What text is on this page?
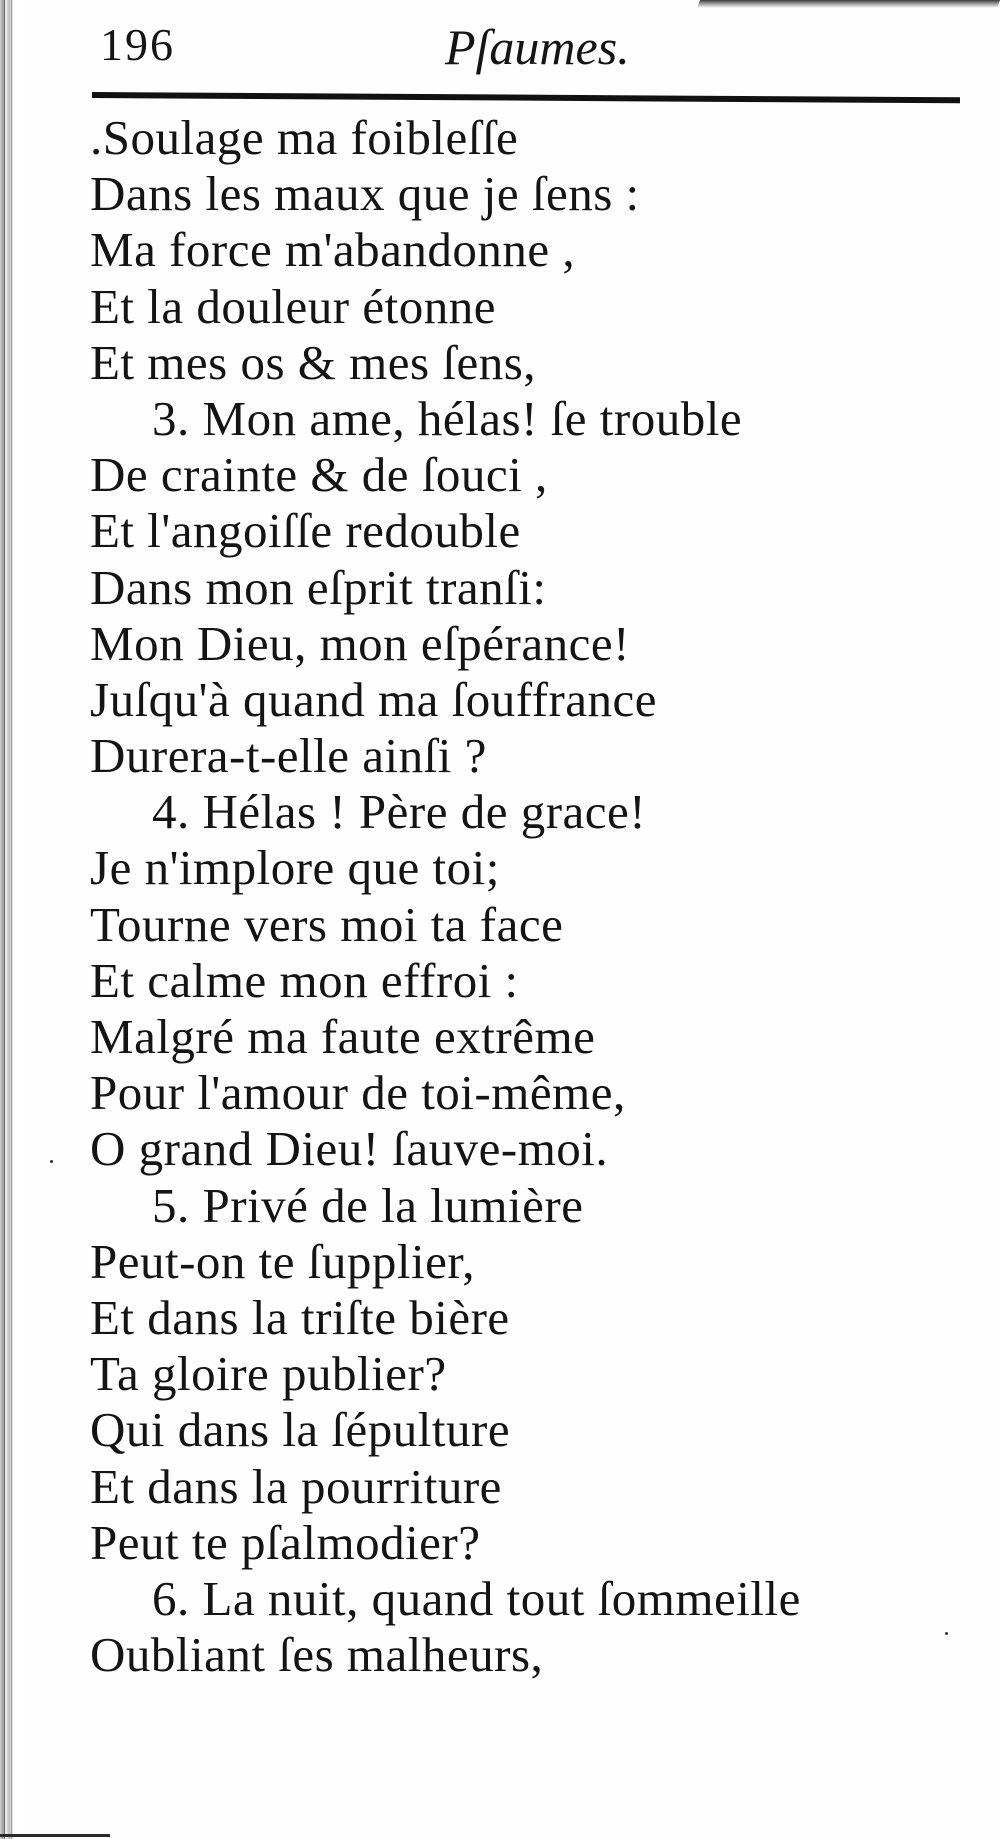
196	Pſaumes.
.Soulage ma foibleſſe
Dans les maux que je ſens :
Ma force m'abandonne ,
Et la douleur étonne
Et mes os & mes ſens,
3. Mon ame, hélas! ſe trouble
De crainte & de ſouci ,
Et l'angoiſſe redouble
Dans mon eſprit tranſi:
Mon Dieu, mon eſpérance!
Juſqu'à quand ma ſouffrance
Durera-t-elle ainſi ?
4. Hélas ! Père de grace!
Je n'implore que toi;
Tourne vers moi ta face
Et calme mon effroi :
Malgré ma faute extrême
Pour l'amour de toi-même,
O grand Dieu! ſauve-moi.
5. Privé de la lumière
Peut-on te ſupplier,
Et dans la triſte bière
Ta gloire publier?
Qui dans la ſépulture
Et dans la pourriture
Peut te pſalmodier?
6. La nuit, quand tout ſommeille
Oubliant ſes malheurs,
